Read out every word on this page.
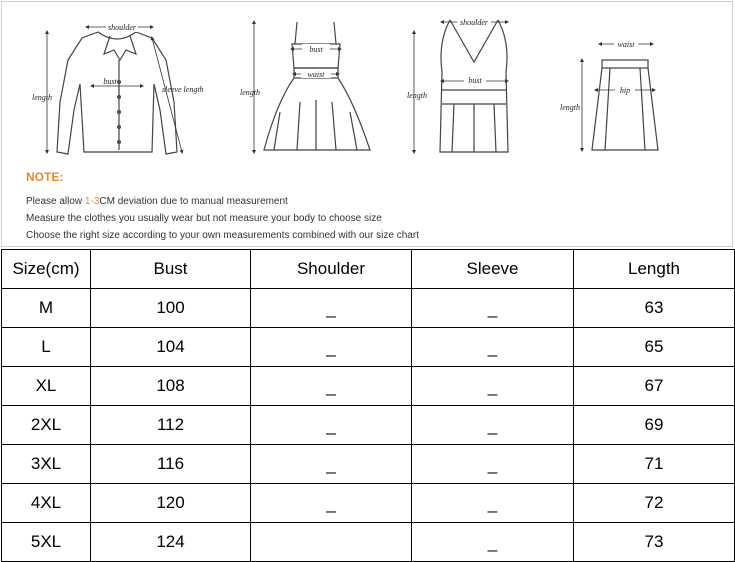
shoulder
length
bust
sleeve length
bust
waist
length
shoulder
bust
length
waist
hip
length
NOTE:
Please allow 1-3CM deviation due to manual measurement
Measure the clothes you usually wear but not measure your body to choose size
Choose the right size according to your own measurements combined with our size chart
Size(cm)	Bust	Shoulder	Sleeve	Length
M	100	_	_	63
L	104	_	_	65
XL	108	_	_	67
2XL	112	_	_	69
3XL	116	_	_	71
4XL	120	_	_	72
5XL	124		_	73
